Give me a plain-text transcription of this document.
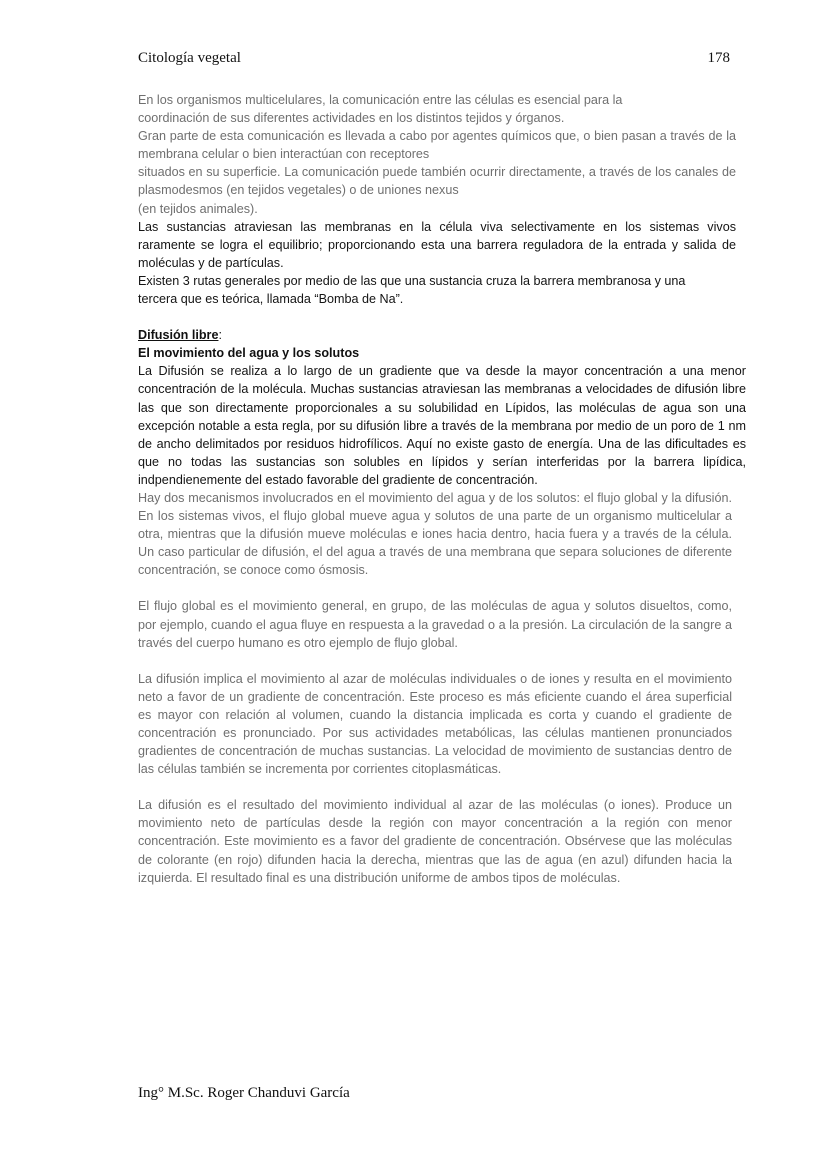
Citología vegetal	178

En los organismos multicelulares, la comunicación entre las células es esencial para la
coordinación de sus diferentes actividades en los distintos tejidos y órganos.

Gran parte de esta comunicación es llevada a cabo por agentes químicos que, o bien pasan a través de la membrana celular o bien interactúan con receptores

situados en su superficie. La comunicación puede también ocurrir directamente, a través de los canales de plasmodesmos (en tejidos vegetales) o de uniones nexus

(en tejidos animales).

Las sustancias atraviesan las membranas en la célula viva selectivamente en los sistemas vivos raramente se logra el equilibrio; proporcionando esta una barrera reguladora de la entrada y salida de moléculas y de partículas.

Existen 3 rutas generales por medio de las que una sustancia cruza la barrera membranosa y una

tercera que es teórica, llamada “Bomba de Na”.

Difusión libre:

El movimiento del agua y los solutos

La Difusión se realiza a lo largo de un gradiente que va desde la mayor concentración a una menor concentración de la molécula. Muchas sustancias atraviesan las membranas a velocidades de difusión libre las que son directamente proporcionales a su solubilidad en Lípidos, las moléculas de agua son una excepción notable a esta regla, por su difusión libre a través de la membrana por medio de un poro de 1 nm de ancho delimitados por residuos hidrofílicos. Aquí no existe gasto de energía. Una de las dificultades es que no todas las sustancias son solubles en lípidos y serían interferidas por la barrera lipídica, indpendienemente del estado favorable del gradiente de concentración.

Hay dos mecanismos involucrados en el movimiento del agua y de los solutos: el flujo global y la difusión. En los sistemas vivos, el flujo global mueve agua y solutos de una parte de un organismo multicelular a otra, mientras que la difusión mueve moléculas e iones hacia dentro, hacia fuera y a través de la célula. Un caso particular de difusión, el del agua a través de una membrana que separa soluciones de diferente concentración, se conoce como ósmosis.

El flujo global es el movimiento general, en grupo, de las moléculas de agua y solutos disueltos, como, por ejemplo, cuando el agua fluye en respuesta a la gravedad o a la presión. La circulación de la sangre a través del cuerpo humano es otro ejemplo de flujo global.

La difusión implica el movimiento al azar de moléculas individuales o de iones y resulta en el movimiento neto a favor de un gradiente de concentración. Este proceso es más eficiente cuando el área superficial es mayor con relación al volumen, cuando la distancia implicada es corta y cuando el gradiente de concentración es pronunciado. Por sus actividades metabólicas, las células mantienen pronunciados gradientes de concentración de muchas sustancias. La velocidad de movimiento de sustancias dentro de las células también se incrementa por corrientes citoplasmáticas.

La difusión es el resultado del movimiento individual al azar de las moléculas (o iones). Produce un movimiento neto de partículas desde la región con mayor concentración a la región con menor concentración. Este movimiento es a favor del gradiente de concentración. Obsérvese que las moléculas de colorante (en rojo) difunden hacia la derecha, mientras que las de agua (en azul) difunden hacia la izquierda. El resultado final es una distribución uniforme de ambos tipos de moléculas.

Ing° M.Sc. Roger Chanduvi García
